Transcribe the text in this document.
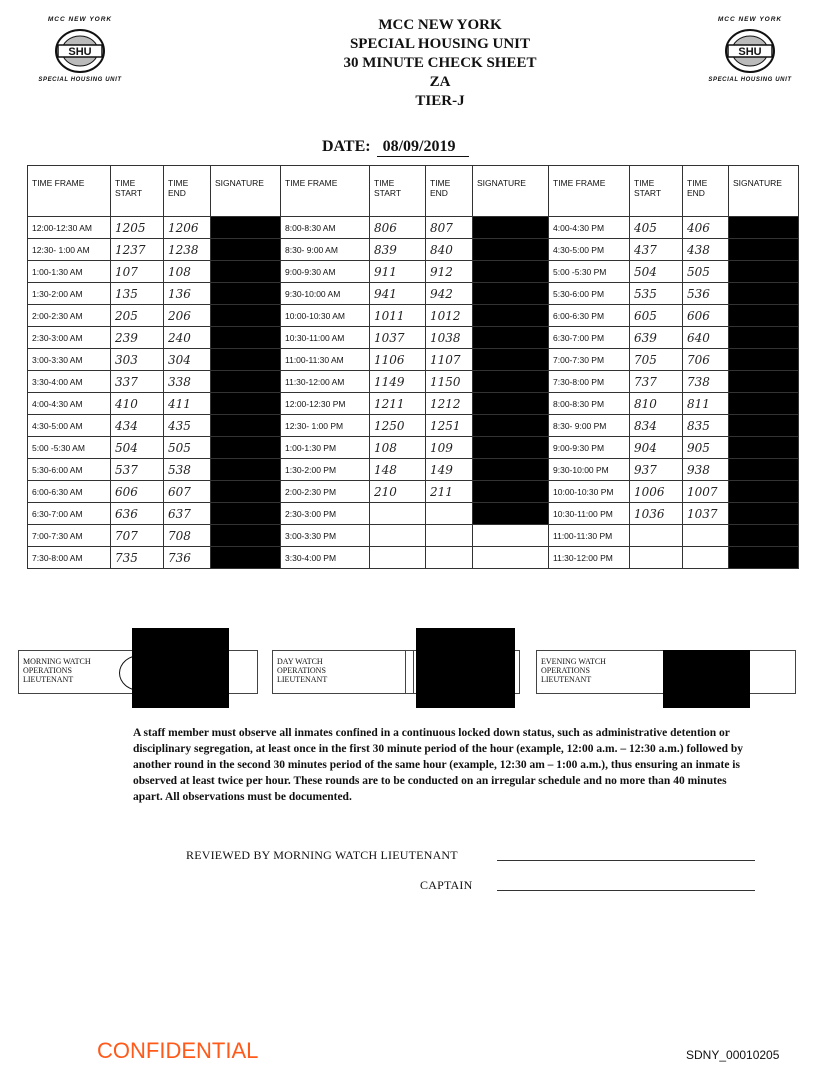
MCC NEW YORK
SHU
SPECIAL HOUSING UNIT
MCC NEW YORK
SHU
SPECIAL HOUSING UNIT
MCC NEW YORK
SPECIAL HOUSING UNIT
30 MINUTE CHECK SHEET
ZA
TIER-J
DATE: 08/09/2019
TIME FRAME	TIME START	TIME END	SIGNATURE	TIME FRAME	TIME START	TIME END	SIGNATURE	TIME FRAME	TIME START	TIME END	SIGNATURE
12:00-12:30 AM	1205	1206		8:00-8:30 AM	806	807		4:00-4:30 PM	405	406	
12:30- 1:00 AM	1237	1238		8:30- 9:00 AM	839	840		4:30-5:00 PM	437	438	
1:00-1:30 AM	107	108		9:00-9:30 AM	911	912		5:00 -5:30 PM	504	505	
1:30-2:00 AM	135	136		9:30-10:00 AM	941	942		5:30-6:00 PM	535	536	
2:00-2:30 AM	205	206		10:00-10:30 AM	1011	1012		6:00-6:30 PM	605	606	
2:30-3:00 AM	239	240		10:30-11:00 AM	1037	1038		6:30-7:00 PM	639	640	
3:00-3:30 AM	303	304		11:00-11:30 AM	1106	1107		7:00-7:30 PM	705	706	
3:30-4:00 AM	337	338		11:30-12:00 AM	1149	1150		7:30-8:00 PM	737	738	
4:00-4:30 AM	410	411		12:00-12:30 PM	1211	1212		8:00-8:30 PM	810	811	
4:30-5:00 AM	434	435		12:30- 1:00 PM	1250	1251		8:30- 9:00 PM	834	835	
5:00 -5:30 AM	504	505		1:00-1:30 PM	108	109		9:00-9:30 PM	904	905	
5:30-6:00 AM	537	538		1:30-2:00 PM	148	149		9:30-10:00 PM	937	938	
6:00-6:30 AM	606	607		2:00-2:30 PM	210	211		10:00-10:30 PM	1006	1007	
6:30-7:00 AM	636	637		2:30-3:00 PM				10:30-11:00 PM	1036	1037	
7:00-7:30 AM	707	708		3:00-3:30 PM				11:00-11:30 PM			
7:30-8:00 AM	735	736		3:30-4:00 PM				11:30-12:00 PM			
MORNING WATCH OPERATIONS LIEUTENANT
DAY WATCH OPERATIONS LIEUTENANT
EVENING WATCH OPERATIONS LIEUTENANT
A staff member must observe all inmates confined in a continuous locked down status, such as administrative detention or disciplinary segregation, at least once in the first 30 minute period of the hour (example, 12:00 a.m. – 12:30 a.m.) followed by another round in the second 30 minutes period of the same hour (example, 12:30 am – 1:00 a.m.), thus ensuring an inmate is observed at least twice per hour. These rounds are to be conducted on an irregular schedule and no more than 40 minutes apart. All observations must be documented.
REVIEWED BY MORNING WATCH LIEUTENANT
CAPTAIN
CONFIDENTIAL	SDNY_00010205
